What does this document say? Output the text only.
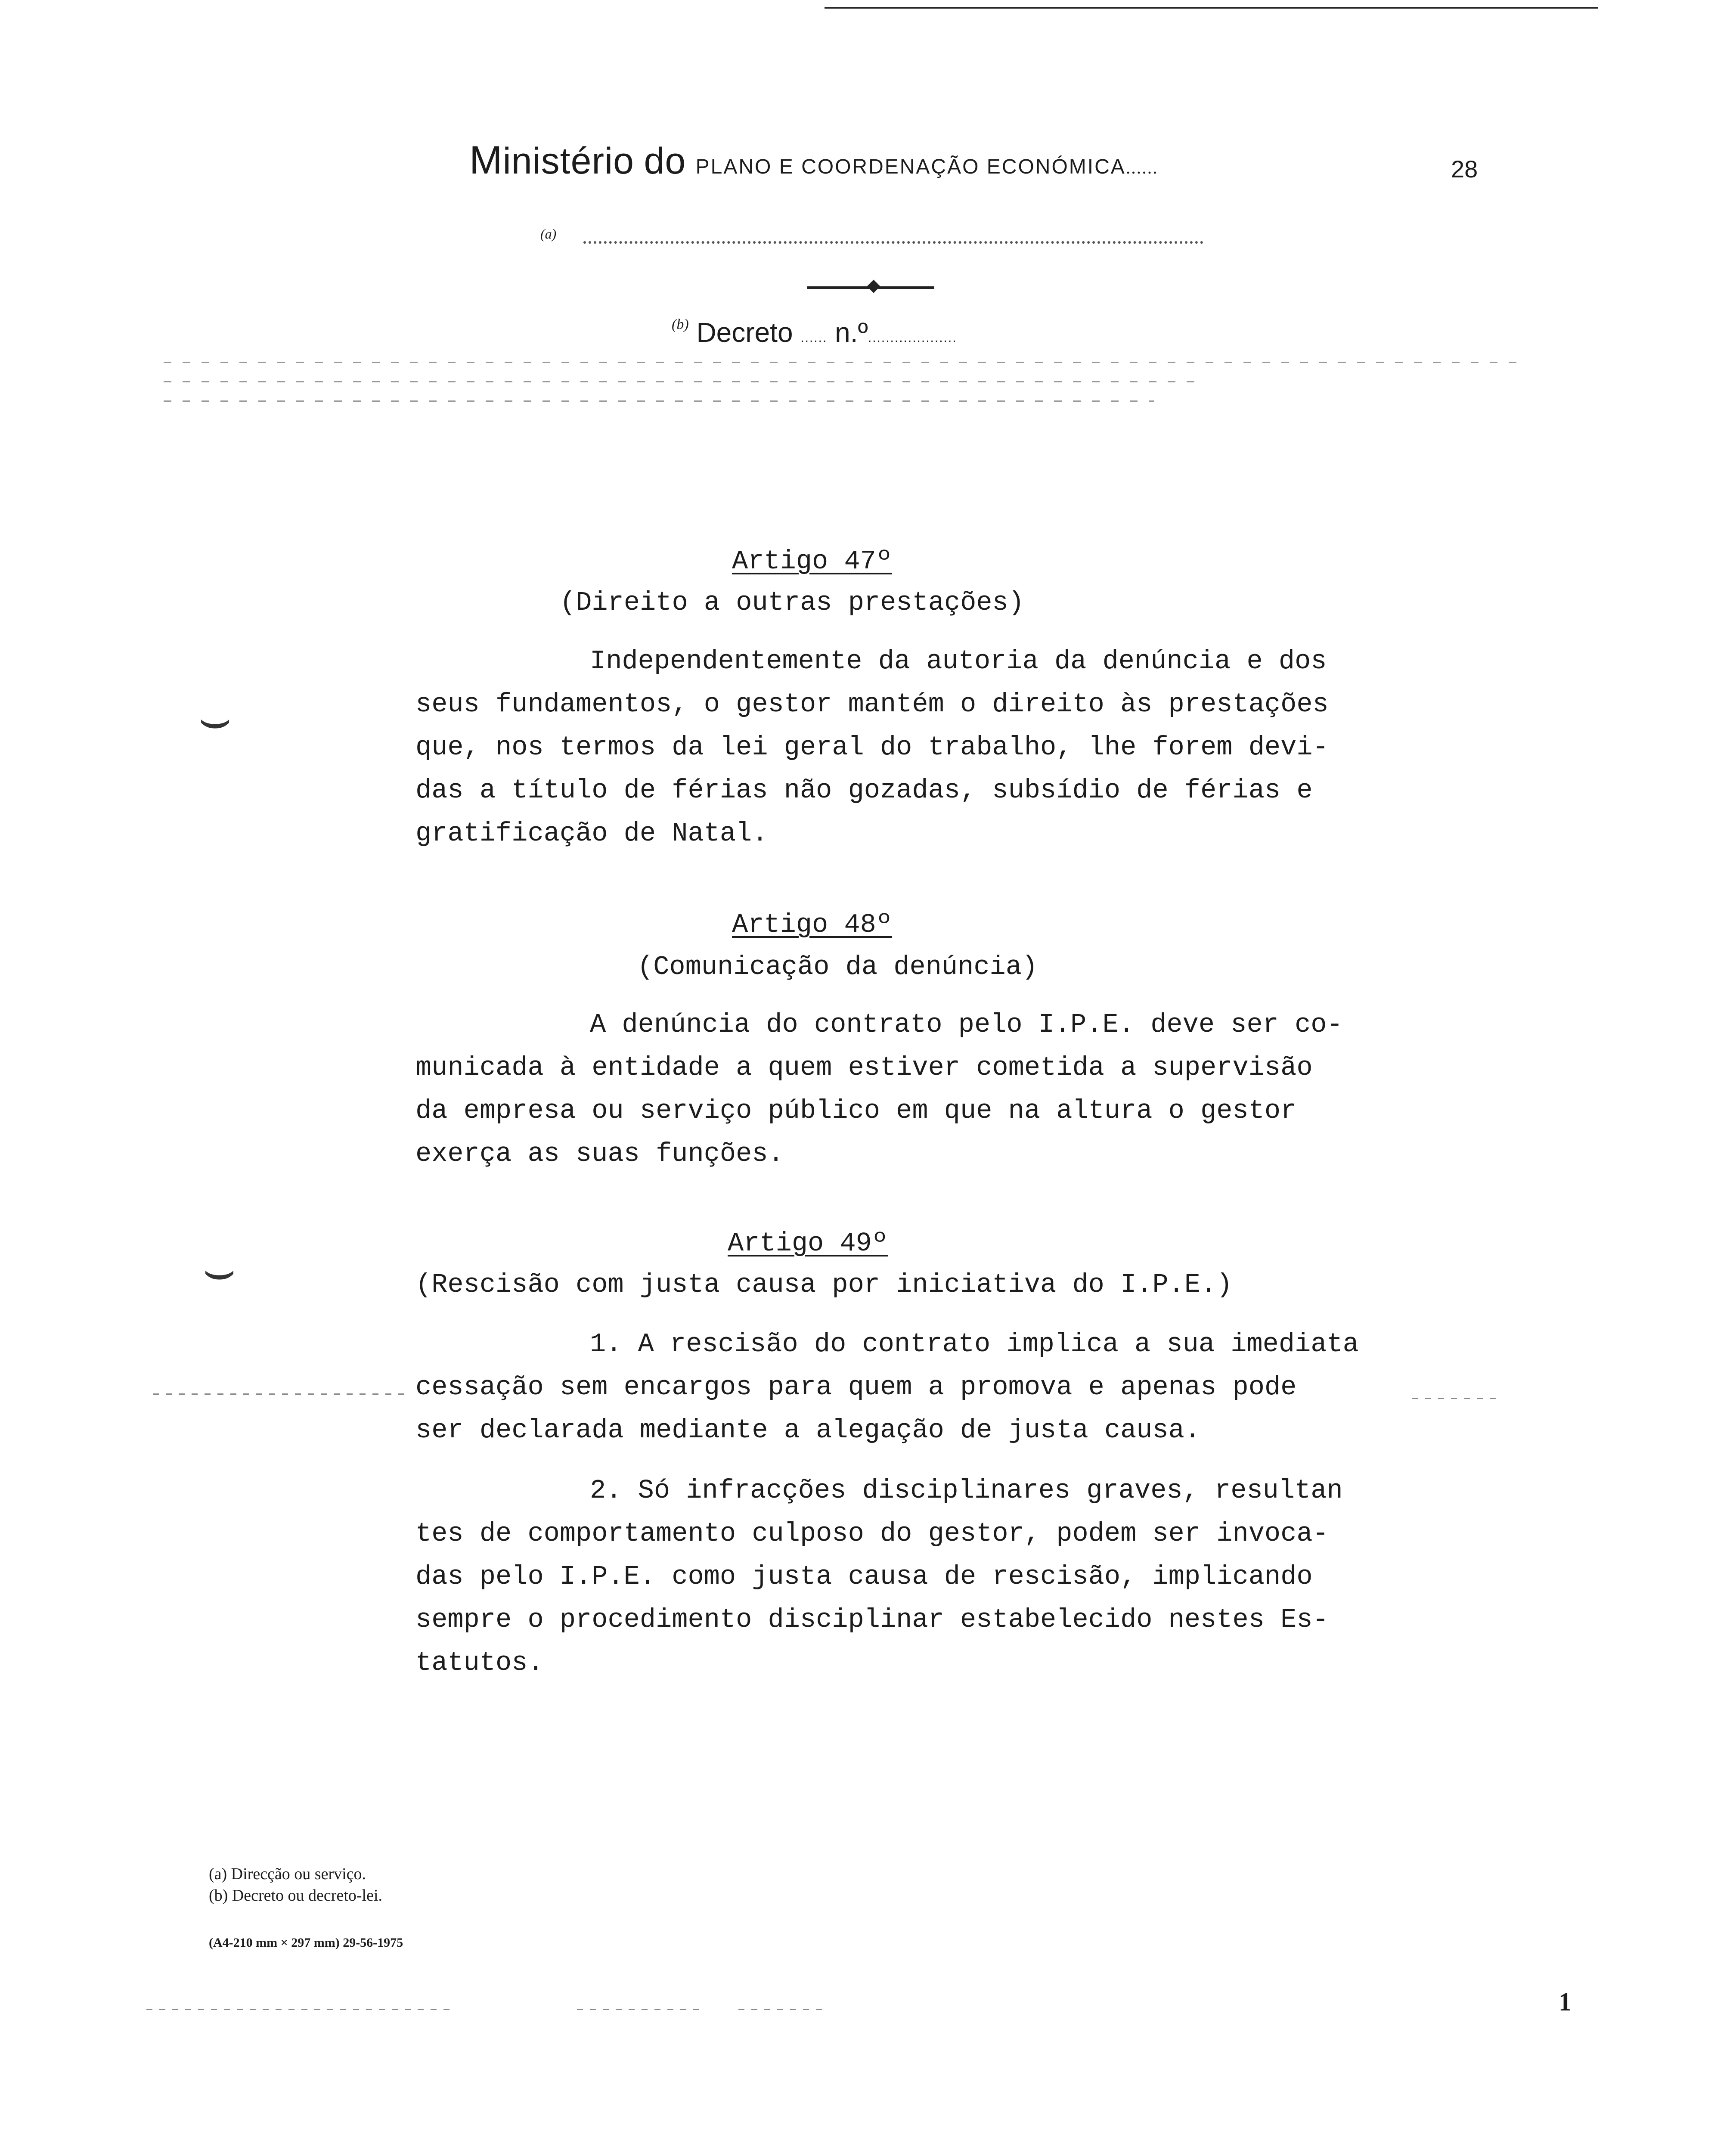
Ministério do PLANO E COORDENAÇÃO ECONÓMICA......	28
(a)
$^{(b)}$ Decreto ...... n.º....................
Artigo 47º
(Direito a outras prestações)
Independentemente da autoria da denúncia e dos
seus fundamentos, o gestor mantém o direito às prestações
que, nos termos da lei geral do trabalho, lhe forem devi-
das a título de férias não gozadas, subsídio de férias e
gratificação de Natal.
Artigo 48º
(Comunicação da denúncia)
A denúncia do contrato pelo I.P.E. deve ser co-
municada à entidade a quem estiver cometida a supervisão
da empresa ou serviço público em que na altura o gestor
exerça as suas funções.
Artigo 49º
(Rescisão com justa causa por iniciativa do I.P.E.)
1. A rescisão do contrato implica a sua imediata
cessação sem encargos para quem a promova e apenas pode
ser declarada mediante a alegação de justa causa.
2. Só infracções disciplinares graves, resultan
tes de comportamento culposo do gestor, podem ser invoca-
das pelo I.P.E. como justa causa de rescisão, implicando
sempre o procedimento disciplinar estabelecido nestes Es-
tatutos.
⌣
⌣
(a) Direcção ou serviço.
(b) Decreto ou decreto-lei.
(A4-210 mm × 297 mm) 29-56-1975
1
